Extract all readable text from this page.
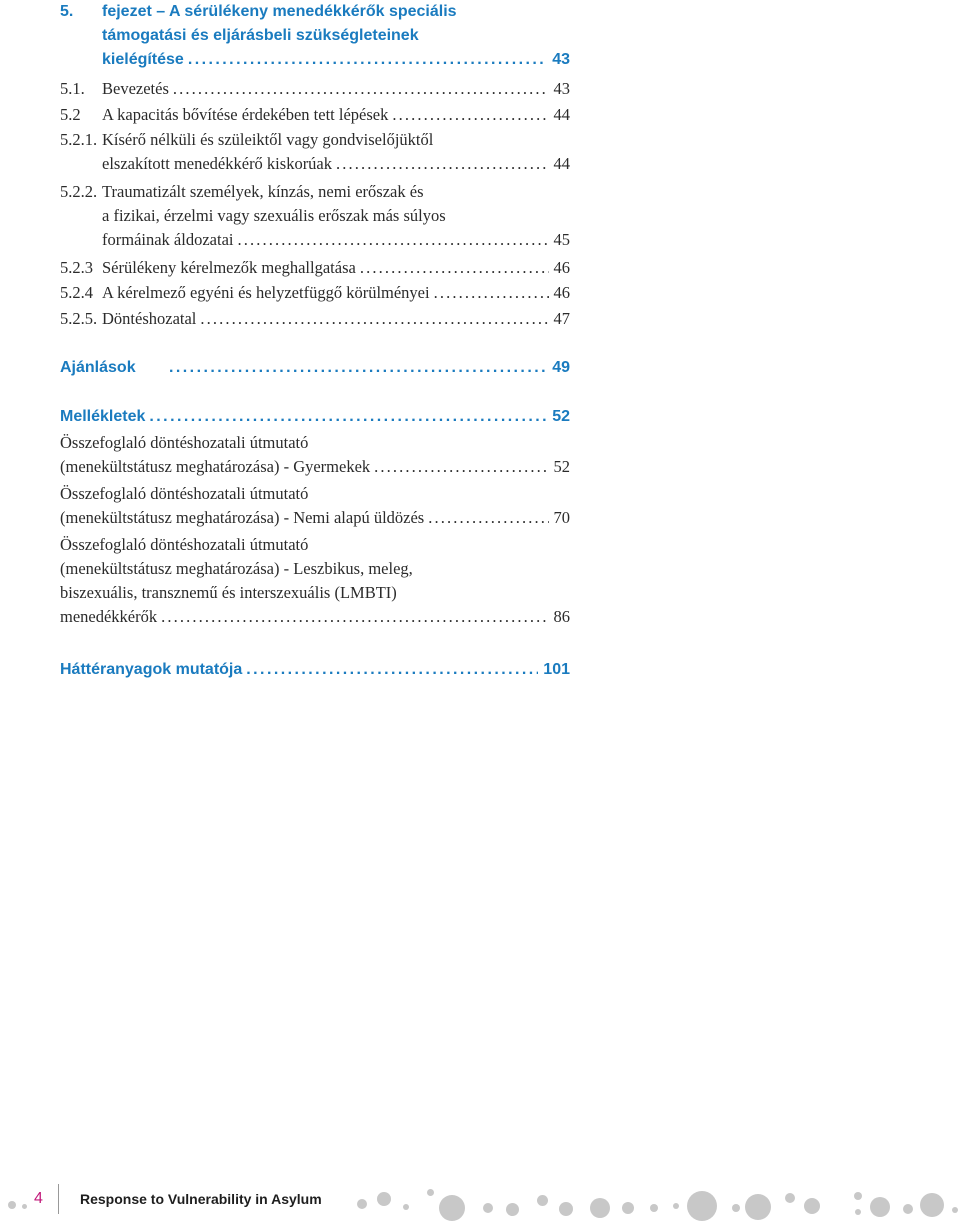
5.	fejezet – A sérülékeny menedékkérők speciális
támogatási és eljárásbeli szükségleteinek
kielégítése . . .	43
5.1.	Bevezetés . . .	43
5.2	A kapacitás bővítése érdekében tett lépések . . .	44
5.2.1. Kísérő nélküli és szüleiktől vagy gondviselőjüktől
elszakított menedékkérő kiskorúak . . .	44
5.2.2. Traumatizált személyek, kínzás, nemi erőszak és
a fizikai, érzelmi vagy szexuális erőszak más súlyos
formáinak áldozatai . . .	45
5.2.3 Sérülékeny kérelmezők meghallgatása . . .	46
5.2.4 A kérelmező egyéni és helyzetfüggő körülményei . . .	46
5.2.5. Döntéshozatal . . .	47
Ajánlások . . .	49
Mellékletek . . .	52
Összefoglaló döntéshozatali útmutató
(menekültstátusz meghatározása) - Gyermekek . . .	52
Összefoglaló döntéshozatali útmutató
(menekültstátusz meghatározása) - Nemi alapú üldözés . . .	70
Összefoglaló döntéshozatali útmutató
(menekültstátusz meghatározása) - Leszbikus, meleg,
biszexuális, transznemű és interszexuális (LMBTI)
menedékkérők . . .	86
Háttéranyagok mutatója . . .	101
4	Response to Vulnerability in Asylum
